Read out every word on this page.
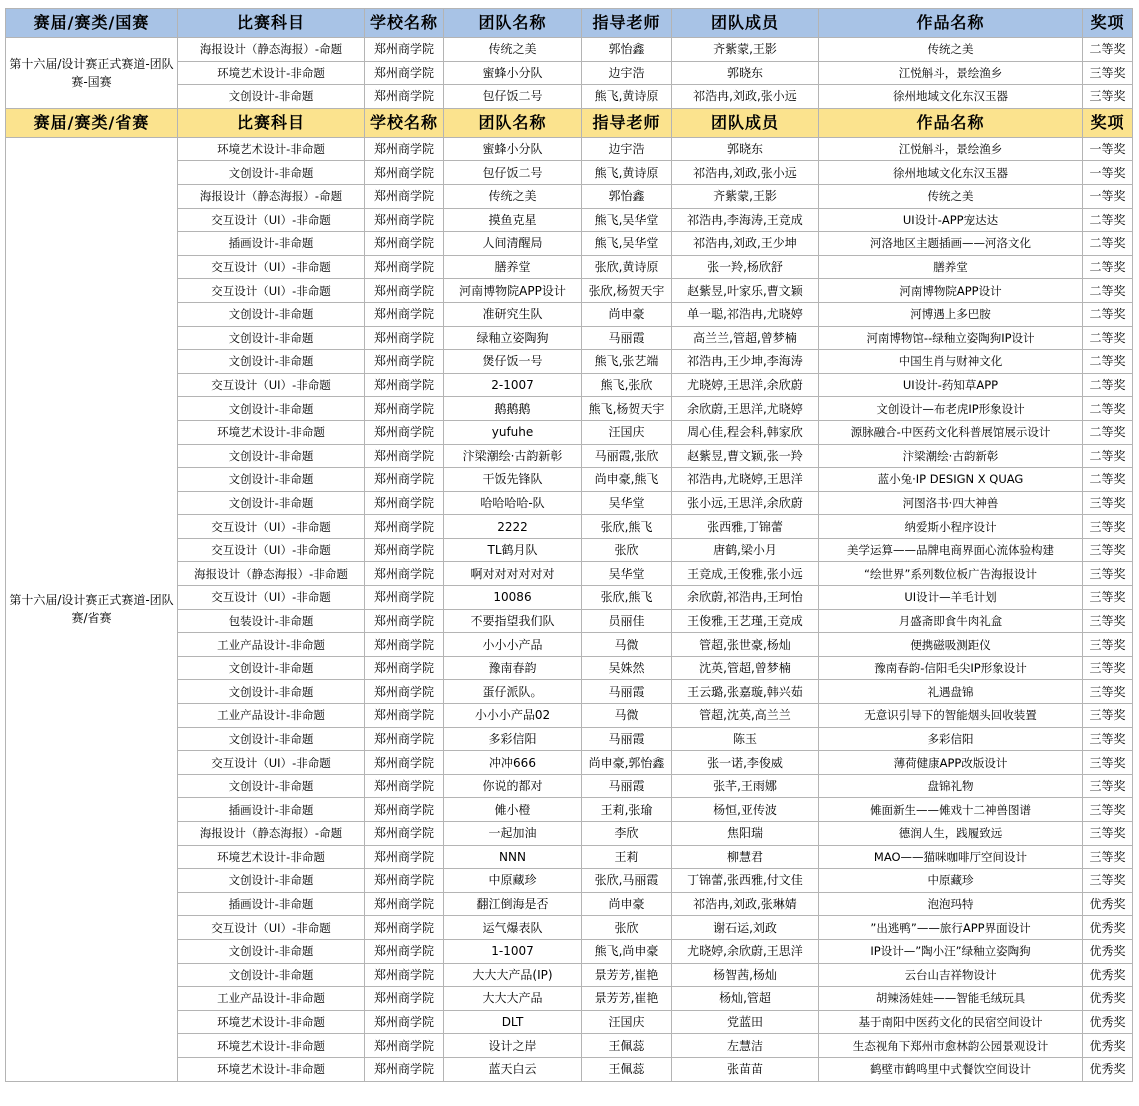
赛届/赛类/国赛	比赛科目	学校名称	团队名称	指导老师	团队成员	作品名称	奖项
第十六届/设计赛正式赛道-团队赛-国赛	海报设计（静态海报）-命题	郑州商学院	传统之美	郭怡鑫	齐紫蒙,王影	传统之美	二等奖
	环境艺术设计-非命题	郑州商学院	蜜蜂小分队	边宇浩	郭晓东	江悦斛斗，景绘渔乡	三等奖
	文创设计-非命题	郑州商学院	包仔饭二号	熊飞,黄诗原	祁浩冉,刘政,张小远	徐州地域文化东汉玉器	三等奖
赛届/赛类/省赛	比赛科目	学校名称	团队名称	指导老师	团队成员	作品名称	奖项
第十六届/设计赛正式赛道-团队赛/省赛	环境艺术设计-非命题	郑州商学院	蜜蜂小分队	边宇浩	郭晓东	江悦斛斗，景绘渔乡	一等奖
	文创设计-非命题	郑州商学院	包仔饭二号	熊飞,黄诗原	祁浩冉,刘政,张小远	徐州地域文化东汉玉器	一等奖
	海报设计（静态海报）-命题	郑州商学院	传统之美	郭怡鑫	齐紫蒙,王影	传统之美	一等奖
	交互设计（UI）-非命题	郑州商学院	摸鱼克星	熊飞,吴华堂	祁浩冉,李海涛,王竞成	UI设计-APP宠达达	二等奖
	插画设计-非命题	郑州商学院	人间清醒局	熊飞,吴华堂	祁浩冉,刘政,王少坤	河洛地区主题插画——河洛文化	二等奖
	交互设计（UI）-非命题	郑州商学院	膳养堂	张欣,黄诗原	张一羚,杨欣舒	膳养堂	二等奖
	交互设计（UI）-非命题	郑州商学院	河南博物院APP设计	张欣,杨贺天宇	赵紫昱,叶家乐,曹文颖	河南博物院APP设计	二等奖
	文创设计-非命题	郑州商学院	准研究生队	尚申豪	单一聪,祁浩冉,尤晓婷	河博遇上多巴胺	二等奖
	文创设计-非命题	郑州商学院	绿釉立姿陶狗	马丽霞	高兰兰,管超,曾梦楠	河南博物馆--绿釉立姿陶狗IP设计	二等奖
	文创设计-非命题	郑州商学院	煲仔饭一号	熊飞,张艺端	祁浩冉,王少坤,李海涛	中国生肖与财神文化	二等奖
	交互设计（UI）-非命题	郑州商学院	2-1007	熊飞,张欣	尤晓婷,王思洋,余欣蔚	UI设计-药知草APP	二等奖
	文创设计-非命题	郑州商学院	鹅鹅鹅	熊飞,杨贺天宇	余欣蔚,王思洋,尤晓婷	文创设计—布老虎IP形象设计	二等奖
	环境艺术设计-非命题	郑州商学院	yufuhe	汪国庆	周心佳,程会科,韩家欣	源脉融合-中医药文化科普展馆展示设计	二等奖
	文创设计-非命题	郑州商学院	汴梁潮绘·古韵新彰	马丽霞,张欣	赵紫昱,曹文颖,张一羚	汴梁潮绘·古韵新彰	二等奖
	文创设计-非命题	郑州商学院	干饭先锋队	尚申豪,熊飞	祁浩冉,尤晓婷,王思洋	蓝小兔·IP DESIGN X QUAG	二等奖
	文创设计-非命题	郑州商学院	哈哈哈哈-队	吴华堂	张小远,王思洋,余欣蔚	河图洛书·四大神兽	三等奖
	交互设计（UI）-非命题	郑州商学院	2222	张欣,熊飞	张西雅,丁锦蕾	纳爱斯小程序设计	三等奖
	交互设计（UI）-非命题	郑州商学院	TL鹤月队	张欣	唐鹤,梁小月	美学运算——品牌电商界面心流体验构建	三等奖
	海报设计（静态海报）-非命题	郑州商学院	啊对对对对对对	吴华堂	王竞成,王俊雅,张小远	“绘世界”系列数位板广告海报设计	三等奖
	交互设计（UI）-非命题	郑州商学院	10086	张欣,熊飞	余欣蔚,祁浩冉,王珂怡	UI设计—羊毛计划	三等奖
	包装设计-非命题	郑州商学院	不要指望我们队	员丽佳	王俊雅,王艺瑾,王竞成	月盛斋即食牛肉礼盒	三等奖
	工业产品设计-非命题	郑州商学院	小小小产品	马微	管超,张世豪,杨灿	便携磁吸测距仪	三等奖
	文创设计-非命题	郑州商学院	豫南春韵	吴姝然	沈英,管超,曾梦楠	豫南春韵-信阳毛尖IP形象设计	三等奖
	文创设计-非命题	郑州商学院	蛋仔派队。	马丽霞	王云璐,张嘉璇,韩兴茹	礼遇盘锦	三等奖
	工业产品设计-非命题	郑州商学院	小小小产品02	马微	管超,沈英,高兰兰	无意识引导下的智能烟头回收装置	三等奖
	文创设计-非命题	郑州商学院	多彩信阳	马丽霞	陈玉	多彩信阳	三等奖
	交互设计（UI）-非命题	郑州商学院	冲冲666	尚申豪,郭怡鑫	张一诺,李俊威	薄荷健康APP改版设计	三等奖
	文创设计-非命题	郑州商学院	你说的都对	马丽霞	张芊,王雨娜	盘锦礼物	三等奖
	插画设计-非命题	郑州商学院	傩小橙	王莉,张瑜	杨恒,亚传波	傩面新生——傩戏十二神兽图谱	三等奖
	海报设计（静态海报）-命题	郑州商学院	一起加油	李欣	焦阳瑞	德润人生，践履致远	三等奖
	环境艺术设计-非命题	郑州商学院	NNN	王莉	柳慧君	MAO——猫咪咖啡厅空间设计	三等奖
	文创设计-非命题	郑州商学院	中原藏珍	张欣,马丽霞	丁锦蕾,张西雅,付文佳	中原藏珍	三等奖
	插画设计-非命题	郑州商学院	翻江倒海是否	尚申豪	祁浩冉,刘政,张琳婧	泡泡玛特	优秀奖
	交互设计（UI）-非命题	郑州商学院	运气爆表队	张欣	谢石运,刘政	”出逃鸭”——旅行APP界面设计	优秀奖
	文创设计-非命题	郑州商学院	1-1007	熊飞,尚申豪	尤晓婷,余欣蔚,王思洋	IP设计—”陶小汪”绿釉立姿陶狗	优秀奖
	文创设计-非命题	郑州商学院	大大大产品(IP)	景芳芳,崔艳	杨智茜,杨灿	云台山吉祥物设计	优秀奖
	工业产品设计-非命题	郑州商学院	大大大产品	景芳芳,崔艳	杨灿,管超	胡辣汤娃娃——智能毛绒玩具	优秀奖
	环境艺术设计-非命题	郑州商学院	DLT	汪国庆	党蓝田	基于南阳中医药文化的民宿空间设计	优秀奖
	环境艺术设计-非命题	郑州商学院	设计之岸	王佩蕊	左慧洁	生态视角下郑州市愈林韵公园景观设计	优秀奖
	环境艺术设计-非命题	郑州商学院	蓝天白云	王佩蕊	张苗苗	鹤壁市鹤鸣里中式餐饮空间设计	优秀奖
